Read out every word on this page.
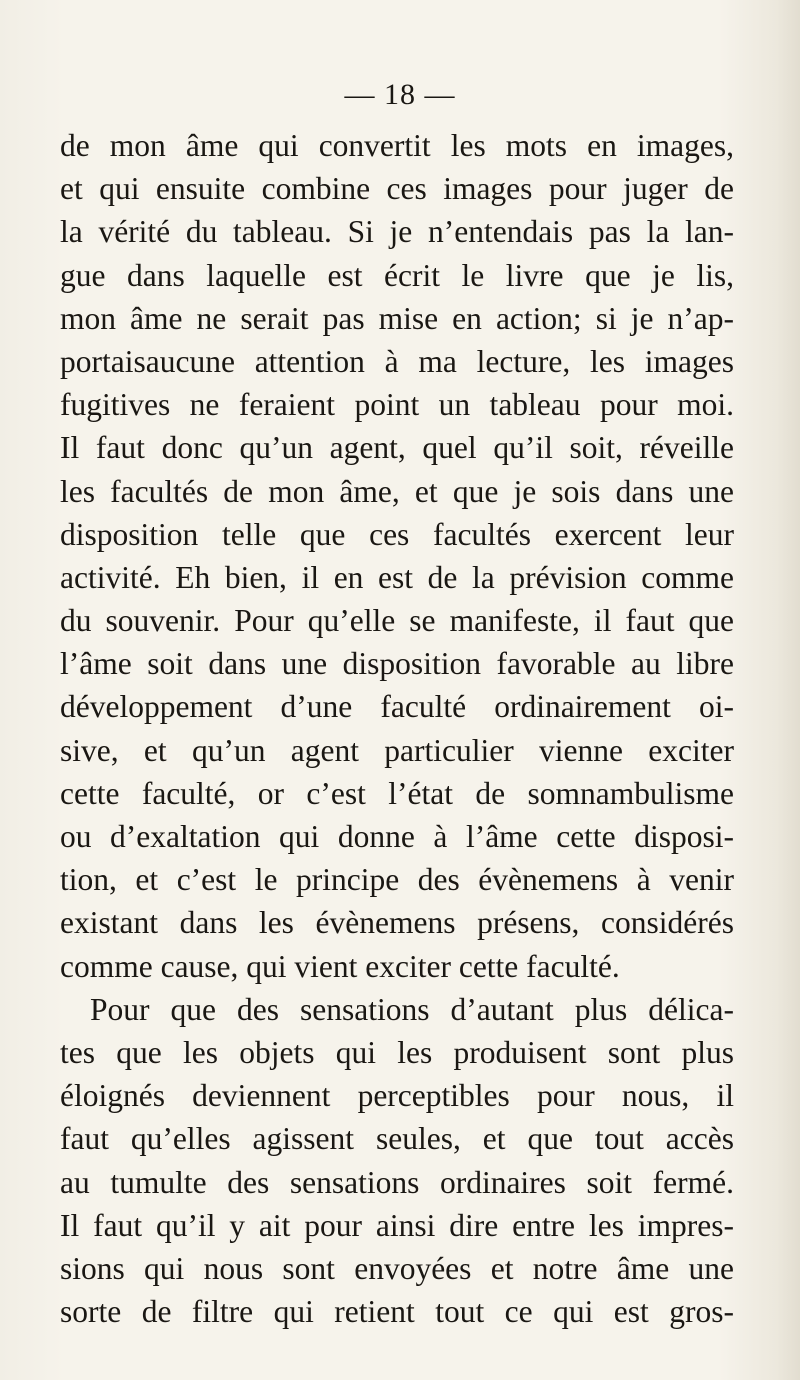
— 18 —
de mon âme qui convertit les mots en images,
et qui ensuite combine ces images pour juger de
la vérité du tableau. Si je n’entendais pas la lan-
gue dans laquelle est écrit le livre que je lis,
mon âme ne serait pas mise en action; si je n’ap-
portaisaucune attention à ma lecture, les images
fugitives ne feraient point un tableau pour moi.
Il faut donc qu’un agent, quel qu’il soit, réveille
les facultés de mon âme, et que je sois dans une
disposition telle que ces facultés exercent leur
activité. Eh bien, il en est de la prévision comme
du souvenir. Pour qu’elle se manifeste, il faut que
l’âme soit dans une disposition favorable au libre
développement d’une faculté ordinairement oi-
sive, et qu’un agent particulier vienne exciter
cette faculté, or c’est l’état de somnambulisme
ou d’exaltation qui donne à l’âme cette disposi-
tion, et c’est le principe des évènemens à venir
existant dans les évènemens présens, considérés
comme cause, qui vient exciter cette faculté.
Pour que des sensations d’autant plus délica-
tes que les objets qui les produisent sont plus
éloignés deviennent perceptibles pour nous, il
faut qu’elles agissent seules, et que tout accès
au tumulte des sensations ordinaires soit fermé.
Il faut qu’il y ait pour ainsi dire entre les impres-
sions qui nous sont envoyées et notre âme une
sorte de filtre qui retient tout ce qui est gros-
